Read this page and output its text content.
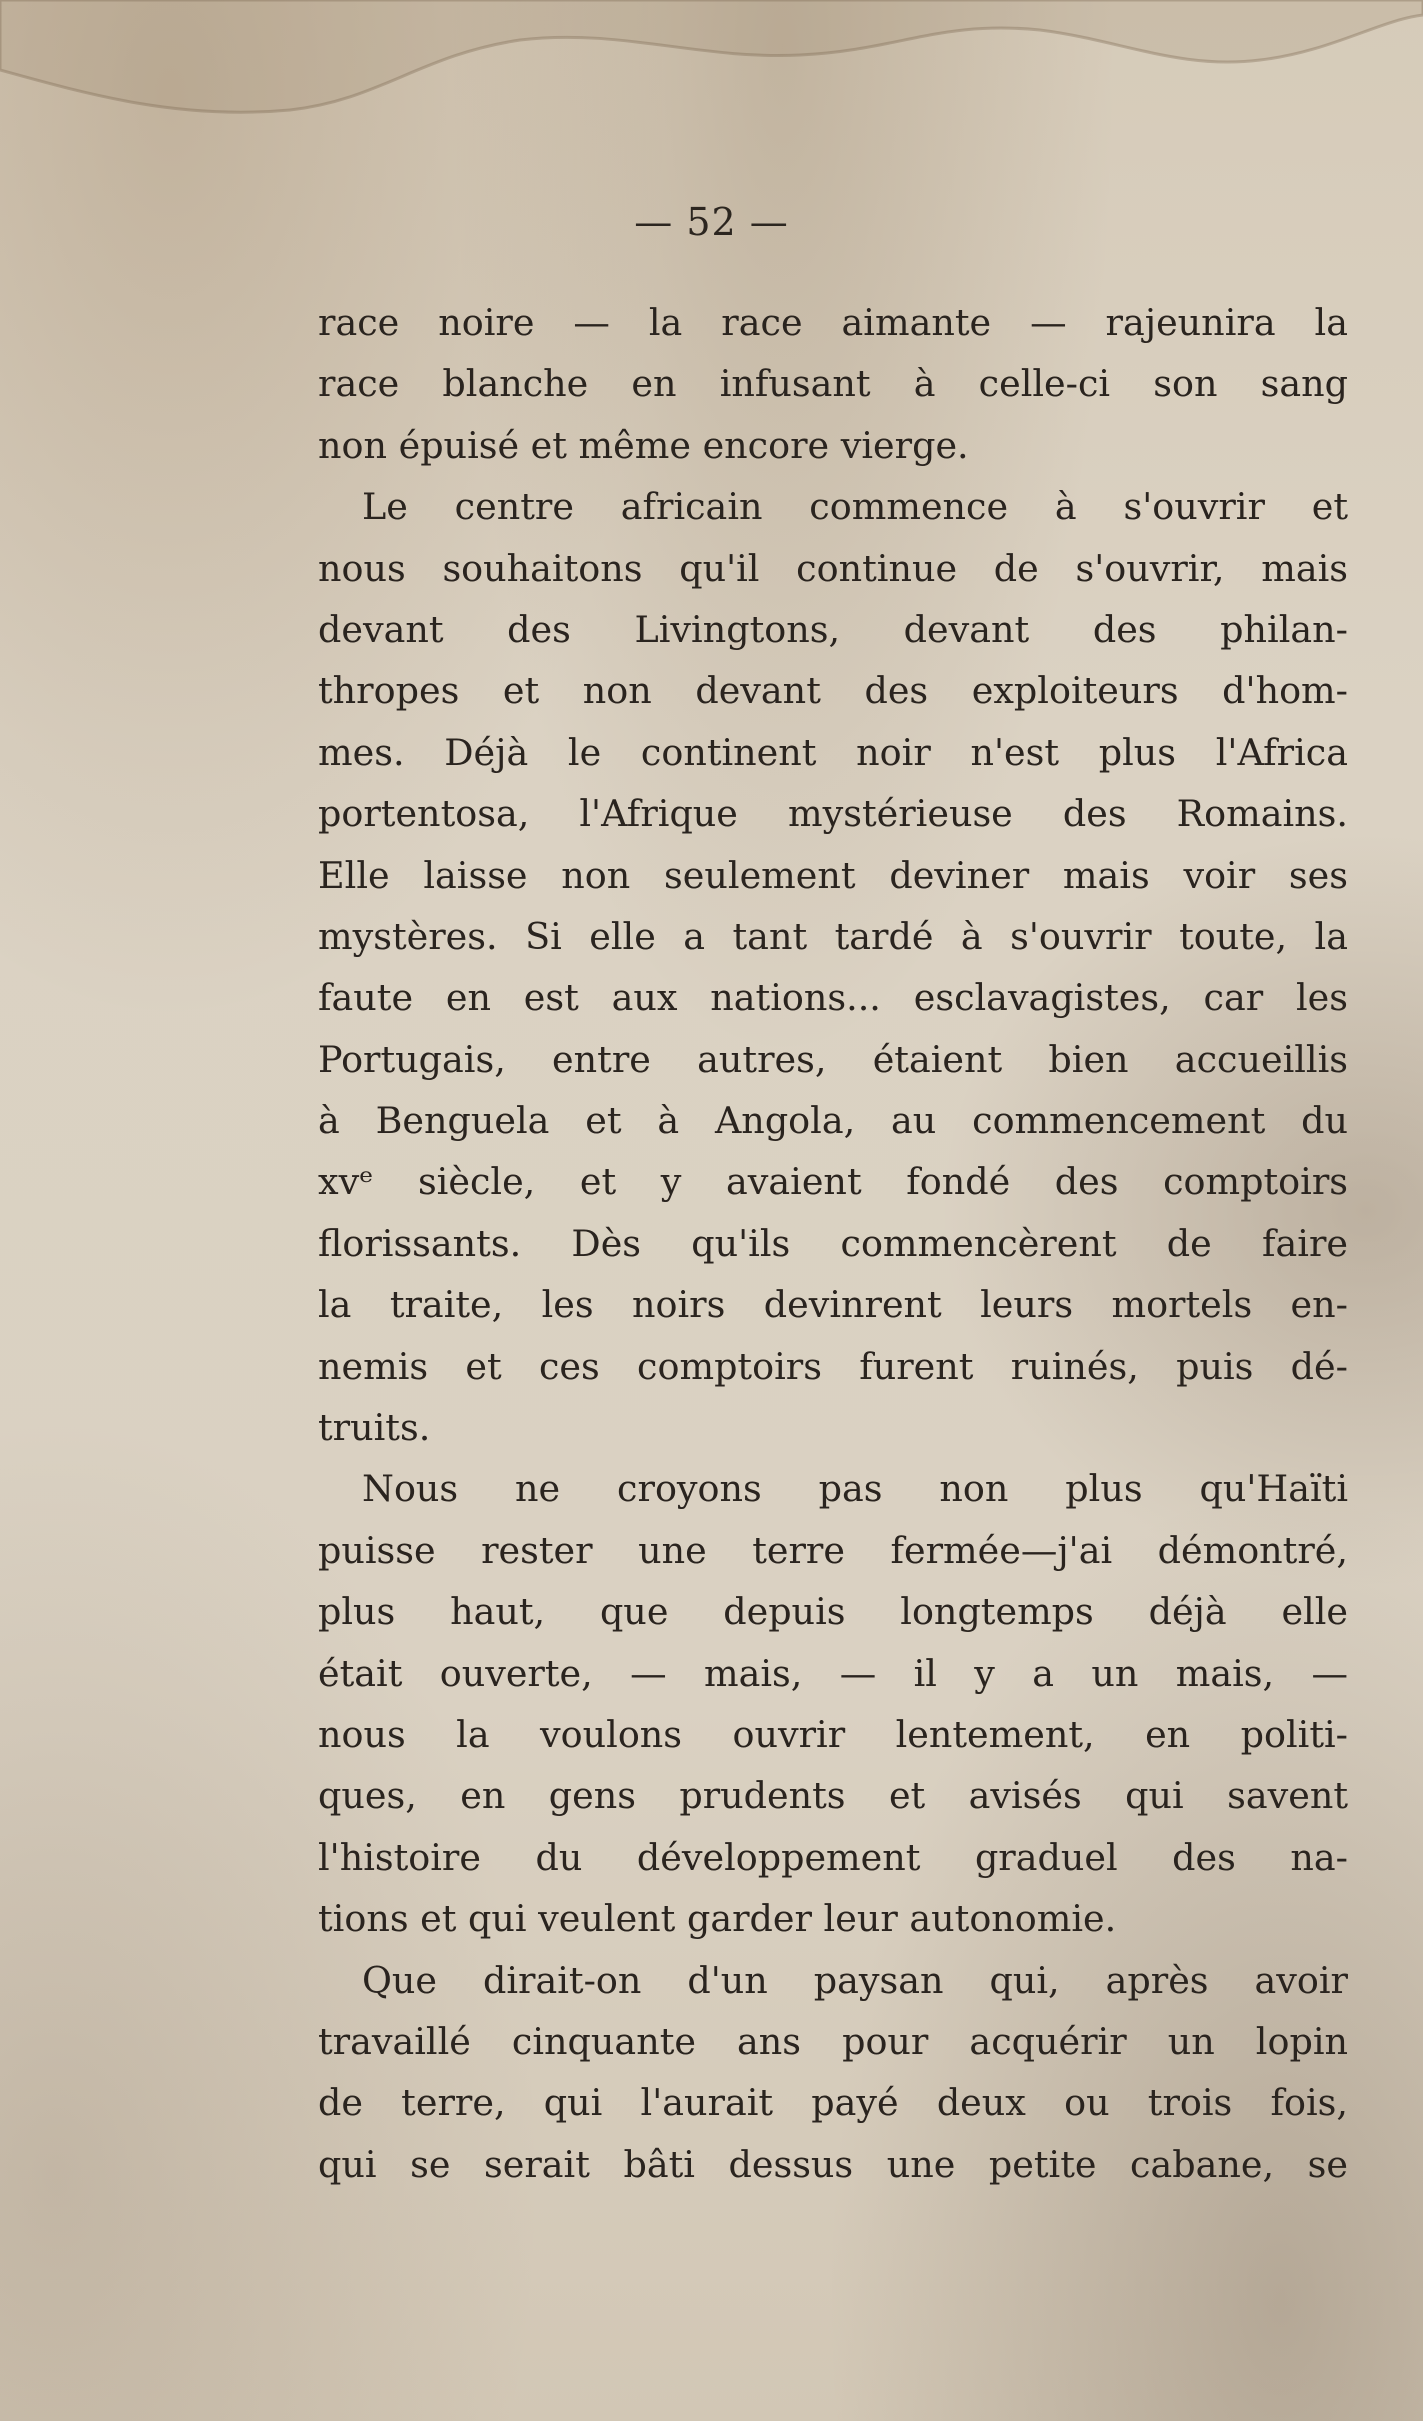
— 52 —
race noire — la race aimante — rajeunira la
race blanche en infusant à celle-ci son sang
non épuisé et même encore vierge.
Le centre africain commence à s'ouvrir et
nous souhaitons qu'il continue de s'ouvrir, mais
devant des Livingtons, devant des philan-
thropes et non devant des exploiteurs d'hom-
mes. Déjà le continent noir n'est plus l'Africa
portentosa, l'Afrique mystérieuse des Romains.
Elle laisse non seulement deviner mais voir ses
mystères. Si elle a tant tardé à s'ouvrir toute, la
faute en est aux nations... esclavagistes, car les
Portugais, entre autres, étaient bien accueillis
à Benguela et à Angola, au commencement du
xvᵉ siècle, et y avaient fondé des comptoirs
florissants. Dès qu'ils commencèrent de faire
la traite, les noirs devinrent leurs mortels en-
nemis et ces comptoirs furent ruinés, puis dé-
truits.
Nous ne croyons pas non plus qu'Haïti
puisse rester une terre fermée—j'ai démontré,
plus haut, que depuis longtemps déjà elle
était ouverte, — mais, — il y a un mais, —
nous la voulons ouvrir lentement, en politi-
ques, en gens prudents et avisés qui savent
l'histoire du développement graduel des na-
tions et qui veulent garder leur autonomie.
Que dirait-on d'un paysan qui, après avoir
travaillé cinquante ans pour acquérir un lopin
de terre, qui l'aurait payé deux ou trois fois,
qui se serait bâti dessus une petite cabane, se
